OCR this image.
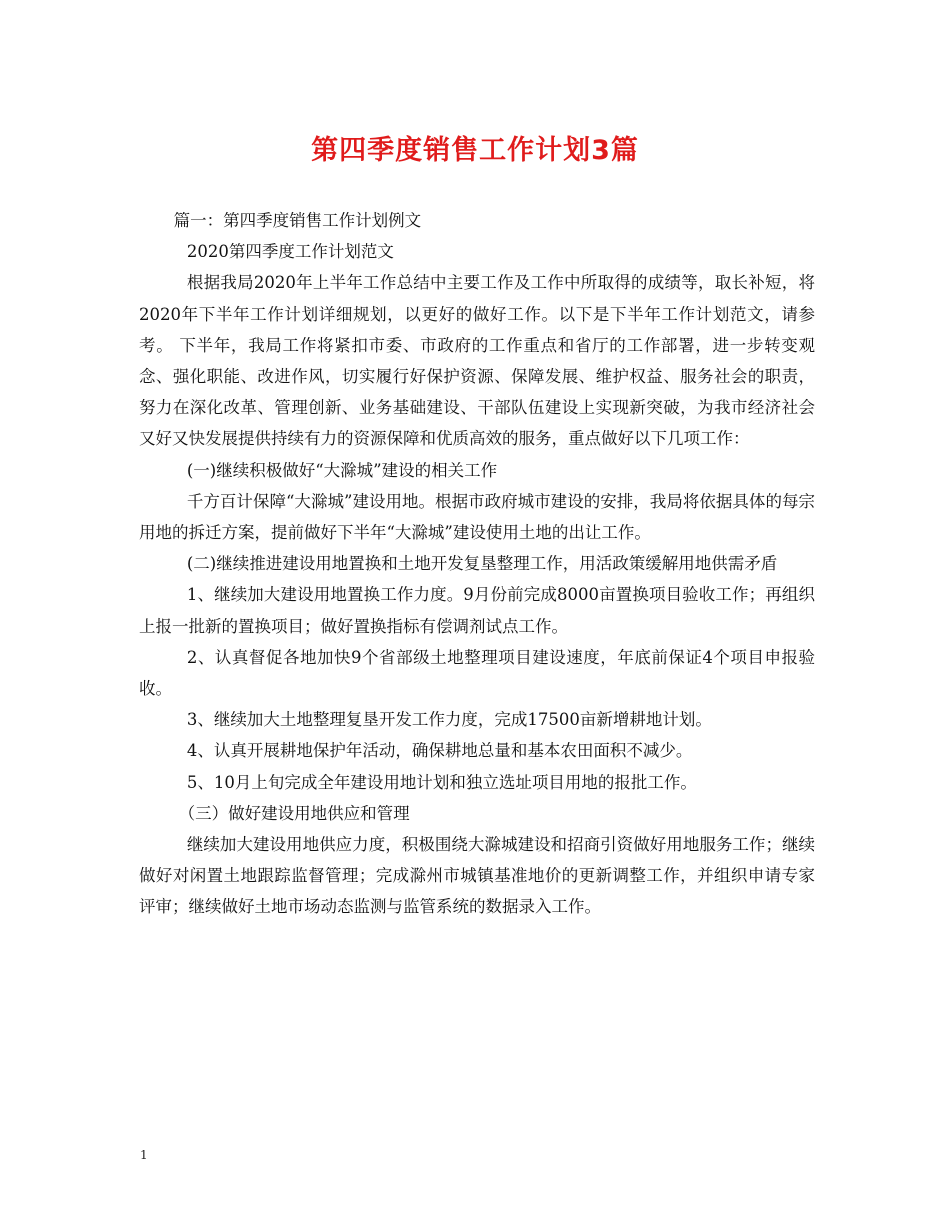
第四季度销售工作计划3篇

篇一：第四季度销售工作计划例文

2020第四季度工作计划范文

根据我局2020年上半年工作总结中主要工作及工作中所取得的成绩等，取长补短，将2020年下半年工作计划详细规划，以更好的做好工作。以下是下半年工作计划范文，请参考。 下半年，我局工作将紧扣市委、市政府的工作重点和省厅的工作部署，进一步转变观念、强化职能、改进作风，切实履行好保护资源、保障发展、维护权益、服务社会的职责，努力在深化改革、管理创新、业务基础建设、干部队伍建设上实现新突破，为我市经济社会又好又快发展提供持续有力的资源保障和优质高效的服务，重点做好以下几项工作：

(一)继续积极做好“大滁城”建设的相关工作

千方百计保障“大滁城”建设用地。根据市政府城市建设的安排，我局将依据具体的每宗用地的拆迁方案，提前做好下半年“大滁城”建设使用土地的出让工作。

(二)继续推进建设用地置换和土地开发复垦整理工作，用活政策缓解用地供需矛盾

1、继续加大建设用地置换工作力度。9月份前完成8000亩置换项目验收工作；再组织上报一批新的置换项目；做好置换指标有偿调剂试点工作。

2、认真督促各地加快9个省部级土地整理项目建设速度，年底前保证4个项目申报验收。

3、继续加大土地整理复垦开发工作力度，完成17500亩新增耕地计划。

4、认真开展耕地保护年活动，确保耕地总量和基本农田面积不减少。

5、10月上旬完成全年建设用地计划和独立选址项目用地的报批工作。

（三）做好建设用地供应和管理

继续加大建设用地供应力度，积极围绕大滁城建设和招商引资做好用地服务工作；继续做好对闲置土地跟踪监督管理；完成滁州市城镇基准地价的更新调整工作，并组织申请专家评审；继续做好土地市场动态监测与监管系统的数据录入工作。

1
